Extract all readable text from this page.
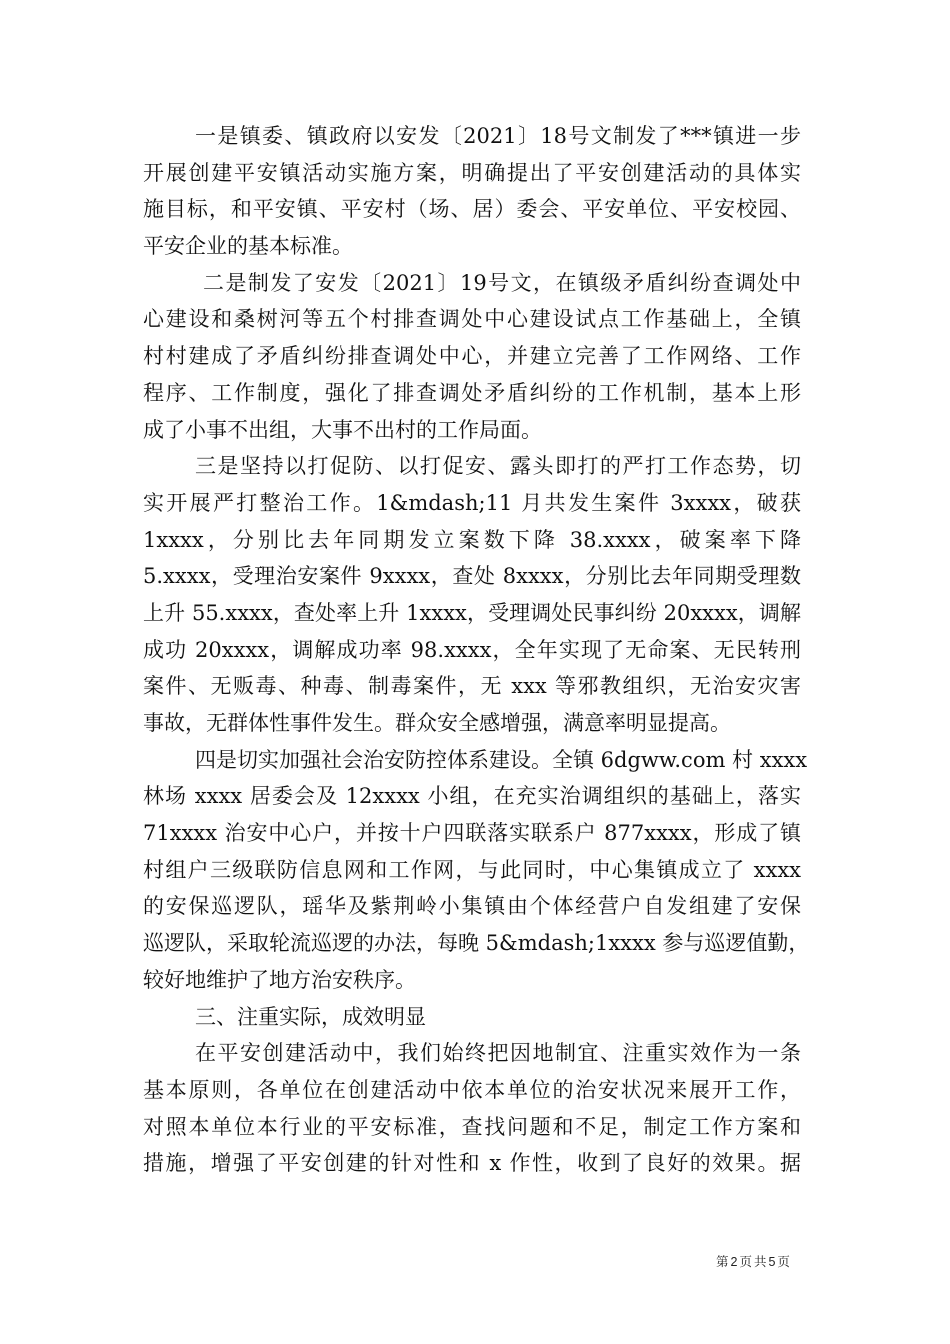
一是镇委、镇政府以安发〔2021〕18号文制发了***镇进一步
开展创建平安镇活动实施方案，明确提出了平安创建活动的具体实
施目标，和平安镇、平安村（场、居）委会、平安单位、平安校园、
平安企业的基本标准。
二是制发了安发〔2021〕19号文，在镇级矛盾纠纷查调处中
心建设和桑树河等五个村排查调处中心建设试点工作基础上，全镇
村村建成了矛盾纠纷排查调处中心，并建立完善了工作网络、工作
程序、工作制度，强化了排查调处矛盾纠纷的工作机制，基本上形
成了小事不出组，大事不出村的工作局面。
三是坚持以打促防、以打促安、露头即打的严打工作态势，切
实开展严打整治工作。1&mdash;11 月共发生案件 3xxxx，破获
1xxxx，分别比去年同期发立案数下降 38.xxxx，破案率下降
5.xxxx，受理治安案件 9xxxx，查处 8xxxx，分别比去年同期受理数
上升 55.xxxx，查处率上升 1xxxx，受理调处民事纠纷 20xxxx，调解
成功 20xxxx，调解成功率 98.xxxx，全年实现了无命案、无民转刑
案件、无贩毒、种毒、制毒案件，无 xxx 等邪教组织，无治安灾害
事故，无群体性事件发生。群众安全感增强，满意率明显提高。
四是切实加强社会治安防控体系建设。全镇 6dgww.com 村 xxxx
林场 xxxx 居委会及 12xxxx 小组，在充实治调组织的基础上，落实
71xxxx 治安中心户，并按十户四联落实联系户 877xxxx，形成了镇
村组户三级联防信息网和工作网，与此同时，中心集镇成立了 xxxx
的安保巡逻队，瑶华及紫荆岭小集镇由个体经营户自发组建了安保
巡逻队，采取轮流巡逻的办法，每晚 5&mdash;1xxxx 参与巡逻值勤，
较好地维护了地方治安秩序。
三、注重实际，成效明显
在平安创建活动中，我们始终把因地制宜、注重实效作为一条
基本原则，各单位在创建活动中依本单位的治安状况来展开工作，
对照本单位本行业的平安标准，查找问题和不足，制定工作方案和
措施，增强了平安创建的针对性和 x 作性，收到了良好的效果。据
第2页共5页
